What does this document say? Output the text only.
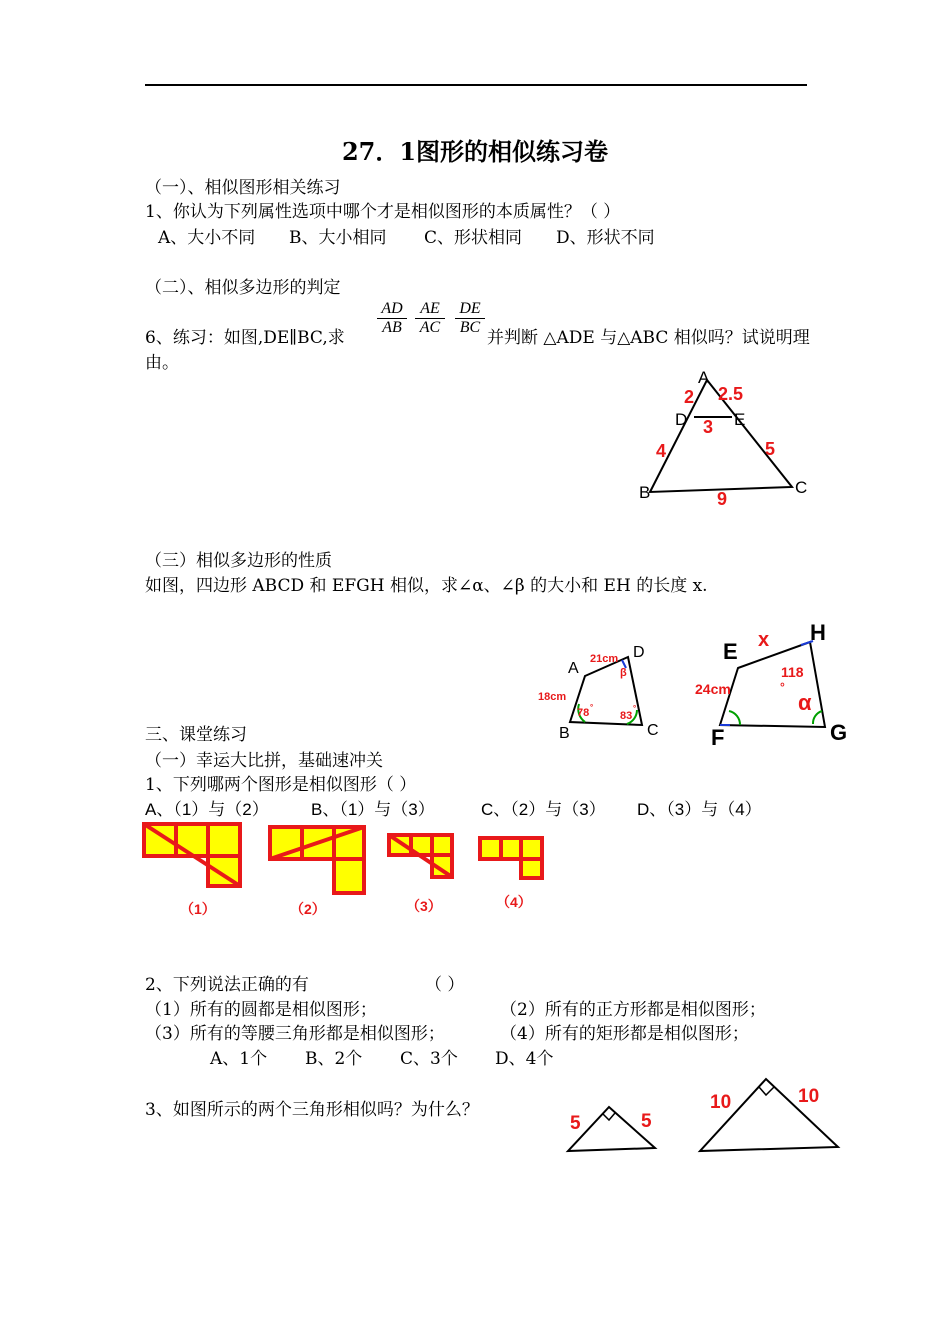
27．1图形的相似练习卷
（一）、相似图形相关练习
1、你认为下列属性选项中哪个才是相似图形的本质属性？（ ）
A、大小不同 B、大小相同 C、形状相同 D、形状不同
（二）、相似多边形的判定
$\frac{AD}{AB} \frac{AE}{AC} \frac{DE}{BC}$
6、练习：如图,DE∥BC,求	并判断 △ADE 与△ABC 相似吗？试说明理
由。
A
D	E
B	C
2 2.5
3
4	5
9
（三）相似多边形的性质
如图，四边形 ABCD 和 EFGH 相似，求∠α、∠β 的大小和 EH 的长度 x.
A
B	C
D
21cm
18cm
78 °
83
°
β
E
F	G
H
x
24cm
118
°
α
三、课堂练习
（一）幸运大比拼，基础速冲关
1、下列哪两个图形是相似图形（ ）
A、（1）与（2） B、（1）与（3）	C、（2）与（3） D、（3）与（4）
（1）	（2）	（3）	（4）
2、下列说法正确的有	（ ）
（1）所有的圆都是相似图形；	（2）所有的正方形都是相似图形；
（3）所有的等腰三角形都是相似图形；	（4）所有的矩形都是相似图形；
A、1个 B、2个 C、3个 D、4个
3、如图所示的两个三角形相似吗？为什么？
5	5
10	10
